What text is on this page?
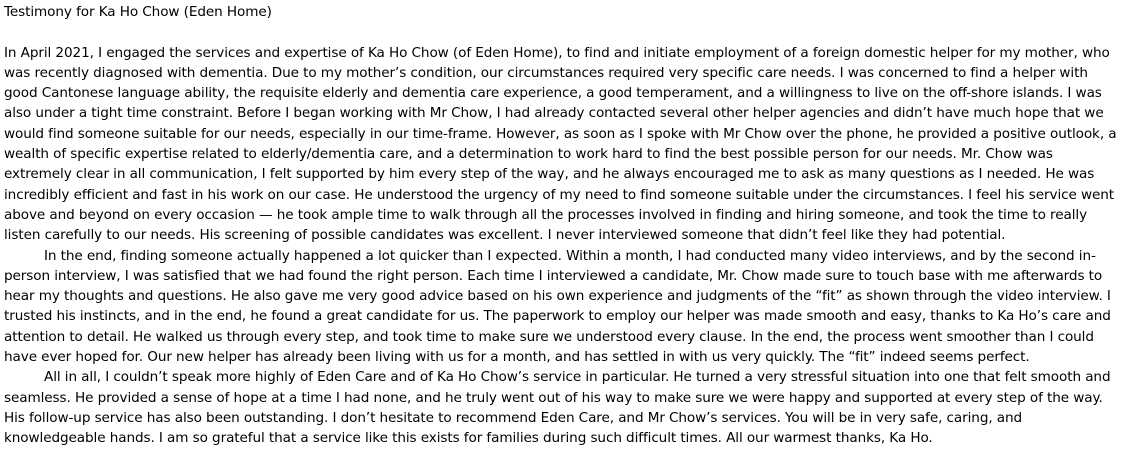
Testimony for Ka Ho Chow (Eden Home)

In April 2021, I engaged the services and expertise of Ka Ho Chow (of Eden Home), to find and initiate employment of a foreign domestic helper for my mother, who was recently diagnosed with dementia. Due to my mother’s condition, our circumstances required very specific care needs. I was concerned to find a helper with good Cantonese language ability, the requisite elderly and dementia care experience, a good temperament, and a willingness to live on the off-shore islands. I was also under a tight time constraint. Before I began working with Mr Chow, I had already contacted several other helper agencies and didn’t have much hope that we would find someone suitable for our needs, especially in our time-frame. However, as soon as I spoke with Mr Chow over the phone, he provided a positive outlook, a wealth of specific expertise related to elderly/dementia care, and a determination to work hard to find the best possible person for our needs. Mr. Chow was extremely clear in all communication, I felt supported by him every step of the way, and he always encouraged me to ask as many questions as I needed. He was incredibly efficient and fast in his work on our case. He understood the urgency of my need to find someone suitable under the circumstances. I feel his service went above and beyond on every occasion — he took ample time to walk through all the processes involved in finding and hiring someone, and took the time to really listen carefully to our needs. His screening of possible candidates was excellent. I never interviewed someone that didn’t feel like they had potential.

In the end, finding someone actually happened a lot quicker than I expected. Within a month, I had conducted many video interviews, and by the second in-person interview, I was satisfied that we had found the right person. Each time I interviewed a candidate, Mr. Chow made sure to touch base with me afterwards to hear my thoughts and questions. He also gave me very good advice based on his own experience and judgments of the “fit” as shown through the video interview. I trusted his instincts, and in the end, he found a great candidate for us. The paperwork to employ our helper was made smooth and easy, thanks to Ka Ho’s care and attention to detail. He walked us through every step, and took time to make sure we understood every clause. In the end, the process went smoother than I could have ever hoped for. Our new helper has already been living with us for a month, and has settled in with us very quickly. The “fit” indeed seems perfect.

All in all, I couldn’t speak more highly of Eden Care and of Ka Ho Chow’s service in particular. He turned a very stressful situation into one that felt smooth and seamless. He provided a sense of hope at a time I had none, and he truly went out of his way to make sure we were happy and supported at every step of the way. His follow-up service has also been outstanding. I don’t hesitate to recommend Eden Care, and Mr Chow’s services. You will be in very safe, caring, and knowledgeable hands. I am so grateful that a service like this exists for families during such difficult times. All our warmest thanks, Ka Ho.
